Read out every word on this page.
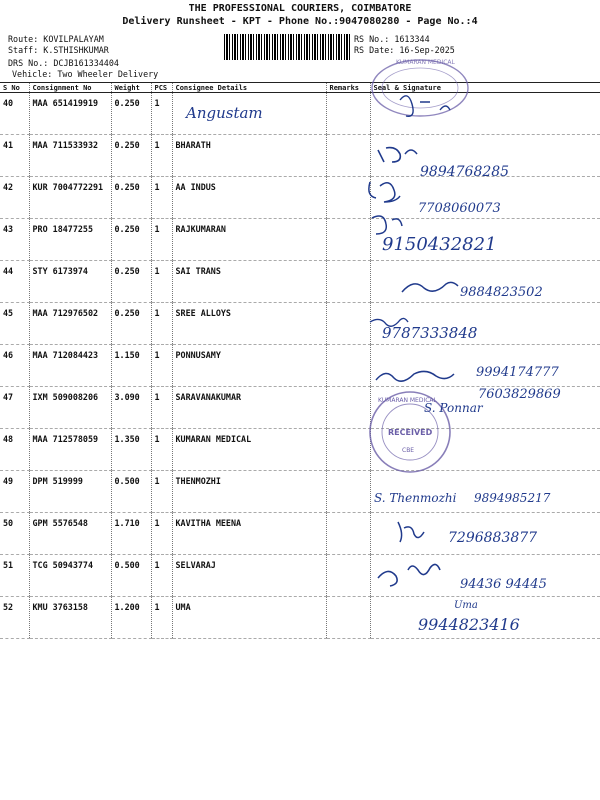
THE PROFESSIONAL COURIERS, COIMBATORE
Delivery Runsheet - KPT - Phone No.:9047080280 - Page No.:4
Route: KOVILPALAYAM
Staff: K.STHISHKUMAR
DRS No.: DCJB161334404
Vehicle: Two Wheeler Delivery
RS No.: 1613344
RS Date: 16-Sep-2025
S No	Consignment No	Weight	PCS	Consignee Details	Remarks	Seal & Signature
40	MAA 651419919	0.250	1			
41	MAA 711533932	0.250	1	BHARATH		
42	KUR 7004772291	0.250	1	AA INDUS		
43	PRO 18477255	0.250	1	RAJKUMARAN		
44	STY 6173974	0.250	1	SAI TRANS		
45	MAA 712976502	0.250	1	SREE ALLOYS		
46	MAA 712084423	1.150	1	PONNUSAMY		
47	IXM 509008206	3.090	1	SARAVANAKUMAR		
48	MAA 712578059	1.350	1	KUMARAN MEDICAL		
49	DPM 519999	0.500	1	THENMOZHI		
50	GPM 5576548	1.710	1	KAVITHA MEENA		
51	TCG 50943774	0.500	1	SELVARAJ		
52	KMU 3763158	1.200	1	UMA		
KUMARAN MEDICAL
KUMARAN MEDICAL
RECEIVED
CBE
Angustam
9894768285
7708060073
9150432821
9884823502
9787333848
9994174777
7603829869
S. Ponnar
S. Thenmozhi 9894985217
7296883877
94436 94445
Uma
9944823416
